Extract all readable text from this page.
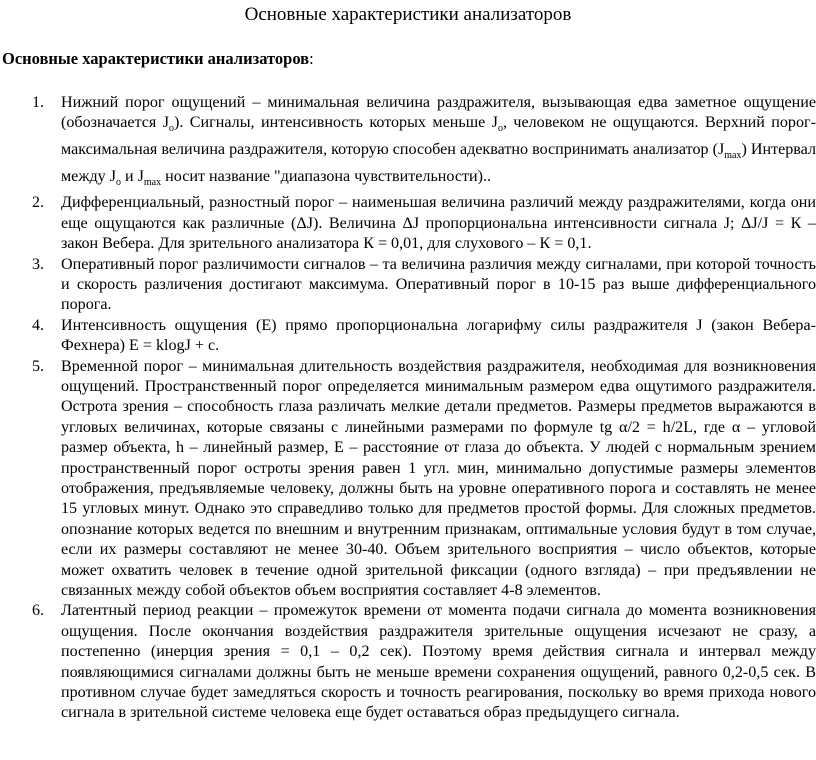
Основные характеристики анализаторов
Основные характеристики анализаторов:
1. Нижний порог ощущений – минимальная величина раздражителя, вызывающая едва заметное ощущение (обозначается $J_о$). Сигналы, интенсивность которых меньше $J_о$, человеком не ощущаются. Верхний порог- максимальная величина раздражителя, которую способен адекватно воспринимать анализатор $(J_{max})$ Интервал между $J_о$ и $J_{max}$ носит название "диапазона чувствительности)..
2. Дифференциальный, разностный порог – наименьшая величина различий между раздражителями, когда они еще ощущаются как различные (ΔJ). Величина ΔJ пропорциональна интенсивности сигнала J; ΔJ/J = К – закон Вебера. Для зрительного анализатора К = 0,01, для слухового – К = 0,1.
3. Оперативный порог различимости сигналов – та величина различия между сигналами, при которой точность и скорость различения достигают максимума. Оперативный порог в 10-15 раз выше дифференциального порога.
4. Интенсивность ощущения (Е) прямо пропорциональна логарифму силы раздражителя J (закон Вебера-Фехнера) Е = klogJ + с.
5. Временной порог – минимальная длительность воздействия раздражителя, необходимая для возникновения ощущений. Пространственный порог определяется минимальным размером едва ощутимого раздражителя. Острота зрения – способность глаза различать мелкие детали предметов. Размеры предметов выражаются в угловых величинах, которые связаны с линейными размерами по формуле tg α/2 = h/2L, где α – угловой размер объекта, h – линейный размер, Е – расстояние от глаза до объекта. У людей с нормальным зрением пространственный порог остроты зрения равен 1 угл. мин, минимально допустимые размеры элементов отображения, предъявляемые человеку, должны быть на уровне оперативного порога и составлять не менее 15 угловых минут. Однако это справедливо только для предметов простой формы. Для сложных предметов. опознание которых ведется по внешним и внутренним признакам, оптимальные условия будут в том случае, если их размеры составляют не менее 30-40. Объем зрительного восприятия – число объектов, которые может охватить человек в течение одной зрительной фиксации (одного взгляда) – при предъявлении не связанных между собой объектов объем восприятия составляет 4-8 элементов.
6. Латентный период реакции – промежуток времени от момента подачи сигнала до момента возникновения ощущения. После окончания воздействия раздражителя зрительные ощущения исчезают не сразу, а постепенно (инерция зрения = 0,1 – 0,2 сек). Поэтому время действия сигнала и интервал между появляющимися сигналами должны быть не меньше времени сохранения ощущений, равного 0,2-0,5 сек. В противном случае будет замедляться скорость и точность реагирования, поскольку во время прихода нового сигнала в зрительной системе человека еще будет оставаться образ предыдущего сигнала.
